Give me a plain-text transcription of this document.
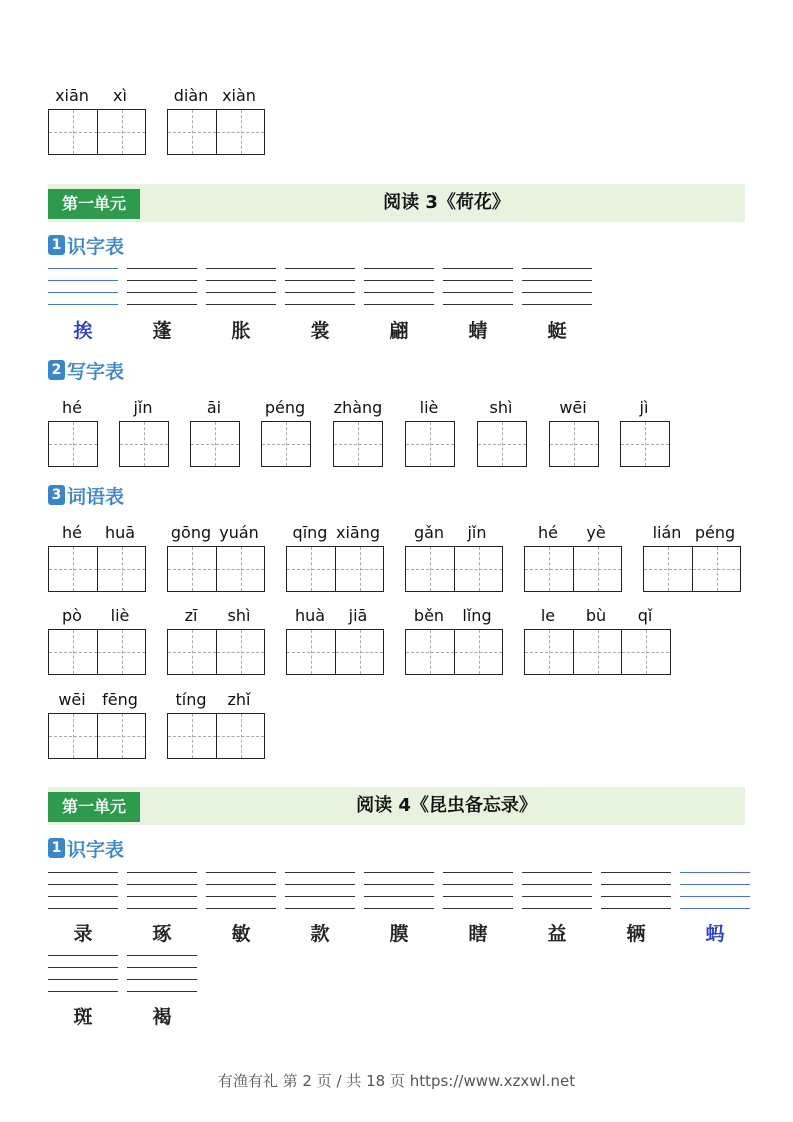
xiān	xì	diàn xiàn
第一单元	阅读 3《荷花》
1 识字表
挨	蓬	胀	裳	翩	蜻	蜓
2 写字表
hé	jǐn	āi	péng	zhàng	liè	shì	wēi	jì
3 词语表
hé	huā	gōng yuán	qīng xiāng	gǎn	jǐn	hé	yè	lián péng
pò	liè	zī	shì	huà	jiā	běn	lǐng	le	bù	qǐ
wēi	fēng	tíng	zhǐ
第一单元	阅读 4《昆虫备忘录》
1 识字表
录	琢	敏	款	膜	瞎	益	辆	蚂
斑	褐
有渔有礼 第 2 页 / 共 18 页 https://www.xzxwl.net
